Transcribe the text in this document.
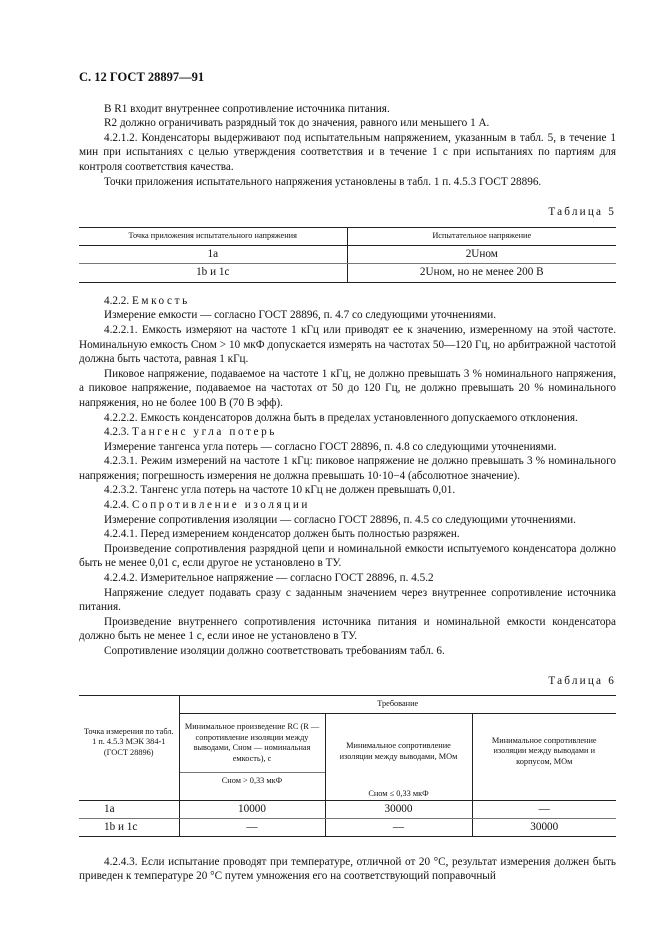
С. 12 ГОСТ 28897—91

В R1 входит внутреннее сопротивление источника питания.

R2 должно ограничивать разрядный ток до значения, равного или меньшего 1 А.

4.2.1.2. Конденсаторы выдерживают под испытательным напряжением, указанным в табл. 5, в течение 1 мин при испытаниях с целью утверждения соответствия и в течение 1 с при испытаниях по партиям для контроля соответствия качества.

Точки приложения испытательного напряжения установлены в табл. 1 п. 4.5.3 ГОСТ 28896.

Таблица 5
Точка приложения испытательного напряжения	Испытательное напряжение
1а	2Uном
1b и 1с	2Uном, но не менее 200 В

4.2.2. Емкость

Измерение емкости — согласно ГОСТ 28896, п. 4.7 со следующими уточнениями.

4.2.2.1. Емкость измеряют на частоте 1 кГц или приводят ее к значению, измеренному на этой частоте. Номинальную емкость Cном > 10 мкФ допускается измерять на частотах 50—120 Гц, но арбитражной частотой должна быть частота, равная 1 кГц.

Пиковое напряжение, подаваемое на частоте 1 кГц, не должно превышать 3 % номинального напряжения, а пиковое напряжение, подаваемое на частотах от 50 до 120 Гц, не должно превышать 20 % номинального напряжения, но не более 100 В (70 В эфф).

4.2.2.2. Емкость конденсаторов должна быть в пределах установленного допускаемого отклонения.

4.2.3. Тангенс угла потерь

Измерение тангенса угла потерь — согласно ГОСТ 28896, п. 4.8 со следующими уточнениями.

4.2.3.1. Режим измерений на частоте 1 кГц: пиковое напряжение не должно превышать 3 % номинального напряжения; погрешность измерения не должна превышать 10·10−4 (абсолютное значение).

4.2.3.2. Тангенс угла потерь на частоте 10 кГц не должен превышать 0,01.

4.2.4. Сопротивление изоляции

Измерение сопротивления изоляции — согласно ГОСТ 28896, п. 4.5 со следующими уточнениями.

4.2.4.1. Перед измерением конденсатор должен быть полностью разряжен.

Произведение сопротивления разрядной цепи и номинальной емкости испытуемого конденсатора должно быть не менее 0,01 с, если другое не установлено в ТУ.

4.2.4.2. Измерительное напряжение — согласно ГОСТ 28896, п. 4.5.2

Напряжение следует подавать сразу с заданным значением через внутреннее сопротивление источника питания.

Произведение внутреннего сопротивления источника питания и номинальной емкости конденсатора должно быть не менее 1 с, если иное не установлено в ТУ.

Сопротивление изоляции должно соответствовать требованиям табл. 6.

Таблица 6
Точка измерения по табл. 1 п. 4.5.3 МЭК 384-1 (ГОСТ 28896)	Требование		
	Минимальное произведение RC (R — сопротивление изоляции между выводами, Cном — номинальная емкость), с	Минимальное сопротивление изоляции между выводами, МОм	Минимальное сопротивление изоляции между выводами и корпусом, МОм
	Cном > 0,33 мкФ		
		Cном ≤ 0,33 мкФ	
1а	10000	30000	—
1b и 1с	—	—	30000

4.2.4.3. Если испытание проводят при температуре, отличной от 20 °С, результат измерения должен быть приведен к температуре 20 °С путем умножения его на соответствующий поправочный
